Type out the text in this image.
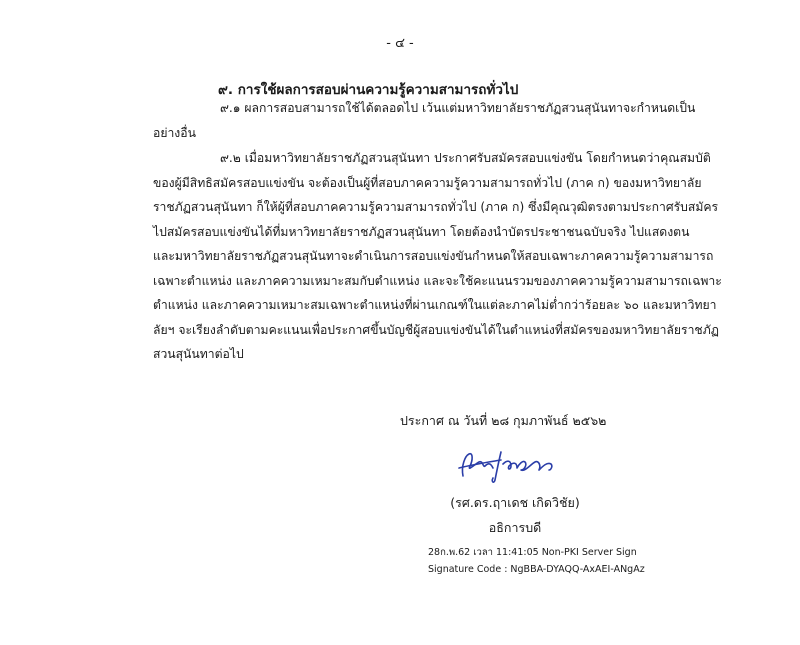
- ๔ -
๙. การใช้ผลการสอบผ่านความรู้ความสามารถทั่วไป
๙.๑ ผลการสอบสามารถใช้ได้ตลอดไป เว้นแต่มหาวิทยาลัยราชภัฏสวนสุนันทาจะกำหนดเป็น
อย่างอื่น
๙.๒ เมื่อมหาวิทยาลัยราชภัฏสวนสุนันทา ประกาศรับสมัครสอบแข่งขัน โดยกำหนดว่าคุณสมบัติ
ของผู้มีสิทธิสมัครสอบแข่งขัน จะต้องเป็นผู้ที่สอบภาคความรู้ความสามารถทั่วไป (ภาค ก) ของมหาวิทยาลัย
ราชภัฏสวนสุนันทา ก็ให้ผู้ที่สอบภาคความรู้ความสามารถทั่วไป (ภาค ก) ซึ่งมีคุณวุฒิตรงตามประกาศรับสมัคร
ไปสมัครสอบแข่งขันได้ที่มหาวิทยาลัยราชภัฏสวนสุนันทา โดยต้องนำบัตรประชาชนฉบับจริง ไปแสดงตน
และมหาวิทยาลัยราชภัฏสวนสุนันทาจะดำเนินการสอบแข่งขันกำหนดให้สอบเฉพาะภาคความรู้ความสามารถ
เฉพาะตำแหน่ง และภาคความเหมาะสมกับตำแหน่ง และจะใช้คะแนนรวมของภาคความรู้ความสามารถเฉพาะ
ตำแหน่ง และภาคความเหมาะสมเฉพาะตำแหน่งที่ผ่านเกณฑ์ในแต่ละภาคไม่ต่ำกว่าร้อยละ ๖๐ และมหาวิทยา
ลัยฯ จะเรียงลำดับตามคะแนนเพื่อประกาศขึ้นบัญชีผู้สอบแข่งขันได้ในตำแหน่งที่สมัครของมหาวิทยาลัยราชภัฏ
สวนสุนันทาต่อไป
ประกาศ ณ วันที่ ๒๘ กุมภาพันธ์ ๒๕๖๒
(รศ.ดร.ฤาเดช เกิดวิชัย)
อธิการบดี
28ก.พ.62 เวลา 11:41:05 Non-PKI Server Sign
Signature Code : NgBBA-DYAQQ-AxAEI-ANgAz
